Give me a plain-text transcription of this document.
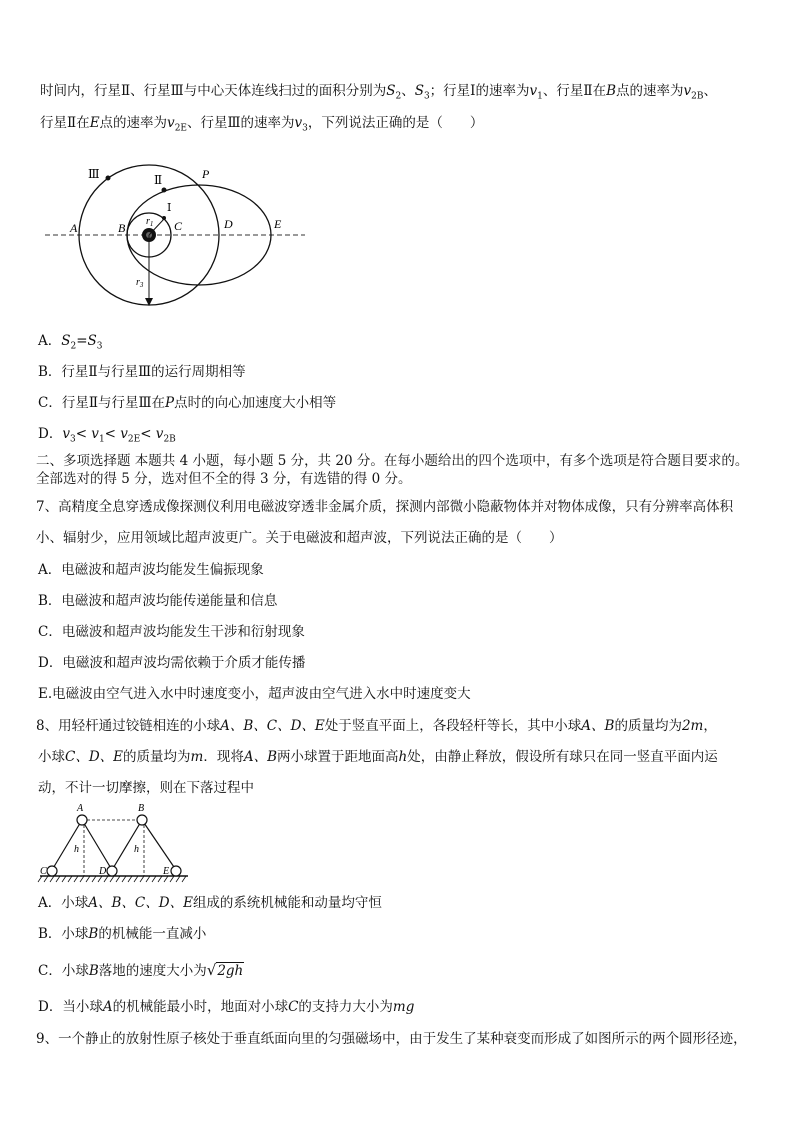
时间内，行星Ⅱ、行星Ⅲ与中心天体连线扫过的面积分别为$S_2$、$S_3$；行星Ⅰ的速率为$v_1$、行星Ⅱ在B点的速率为$v_{2B}$、
行星Ⅱ在E点的速率为$v_{2E}$、行星Ⅲ的速率为$v_3$，下列说法正确的是（　　）
Ⅲ	Ⅱ	P
Ⅰ
A	B	C	D	E
$r_1$
$r_3$
A．$S_2=S_3$
B．行星Ⅱ与行星Ⅲ的运行周期相等
C．行星Ⅱ与行星Ⅲ在P点时的向心加速度大小相等
D．$v_3< v_1< v_{2E}< v_{2B}$
二、多项选择题 本题共 4 小题，每小题 5 分，共 20 分。在每小题给出的四个选项中，有多个选项是符合题目要求的。
全部选对的得 5 分，选对但不全的得 3 分，有选错的得 0 分。
7、高精度全息穿透成像探测仪利用电磁波穿透非金属介质，探测内部微小隐蔽物体并对物体成像，只有分辨率高体积
小、辐射少，应用领域比超声波更广。关于电磁波和超声波，下列说法正确的是（　　）
A．电磁波和超声波均能发生偏振现象
B．电磁波和超声波均能传递能量和信息
C．电磁波和超声波均能发生干涉和衍射现象
D．电磁波和超声波均需依赖于介质才能传播
E.电磁波由空气进入水中时速度变小，超声波由空气进入水中时速度变大
8、用轻杆通过铰链相连的小球A、B、C、D、E处于竖直平面上，各段轻杆等长，其中小球A、B的质量均为2m，
小球C、D、E的质量均为m．现将A、B两小球置于距地面高h处，由静止释放，假设所有球只在同一竖直平面内运
动，不计一切摩擦，则在下落过程中
A	B
C	D	E
h	h
A．小球A、B、C、D、E组成的系统机械能和动量均守恒
B．小球B的机械能一直减小
C．小球B落地的速度大小为√2gh
D．当小球A的机械能最小时，地面对小球C的支持力大小为mg
9、一个静止的放射性原子核处于垂直纸面向里的匀强磁场中，由于发生了某种衰变而形成了如图所示的两个圆形径迹，
